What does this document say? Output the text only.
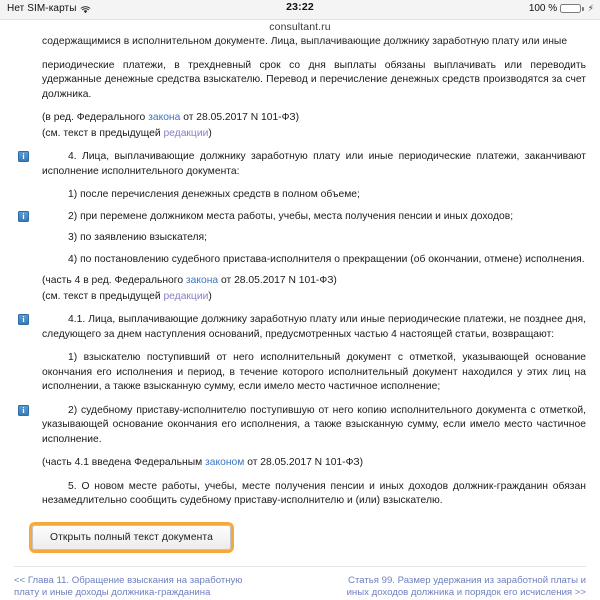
Нет SIM-карты	23:22	100 %	⚡
consultant.ru

содержащимися в исполнительном документе. Лица, выплачивающие должнику заработную плату или иные

периодические платежи, в трехдневный срок со дня выплаты обязаны выплачивать или переводить удержанные денежные средства взыскателю. Перевод и перечисление денежных средств производятся за счет должника.

(в ред. Федерального закона от 28.05.2017 N 101-ФЗ)
(см. текст в предыдущей редакции)

i	4. Лица, выплачивающие должнику заработную плату или иные периодические платежи, заканчивают исполнение исполнительного документа:

1) после перечисления денежных средств в полном объеме;

i	2) при перемене должником места работы, учебы, места получения пенсии и иных доходов;

3) по заявлению взыскателя;

4) по постановлению судебного пристава-исполнителя о прекращении (об окончании, отмене) исполнения.

(часть 4 в ред. Федерального закона от 28.05.2017 N 101-ФЗ)
(см. текст в предыдущей редакции)

i	4.1. Лица, выплачивающие должнику заработную плату или иные периодические платежи, не позднее дня, следующего за днем наступления оснований, предусмотренных частью 4 настоящей статьи, возвращают:

1) взыскателю поступивший от него исполнительный документ с отметкой, указывающей основание окончания его исполнения и период, в течение которого исполнительный документ находился у этих лиц на исполнении, а также взысканную сумму, если имело место частичное исполнение;

i	2) судебному приставу-исполнителю поступившую от него копию исполнительного документа с отметкой, указывающей основание окончания его исполнения, а также взысканную сумму, если имело место частичное исполнение.

(часть 4.1 введена Федеральным законом от 28.05.2017 N 101-ФЗ)

5. О новом месте работы, учебы, месте получения пенсии и иных доходов должник-гражданин обязан незамедлительно сообщить судебному приставу-исполнителю и (или) взыскателю.

Открыть полный текст документа
<< Глава 11. Обращение взыскания на заработную плату и иные доходы должника-гражданина
Статья 99. Размер удержания из заработной платы и иных доходов должника и порядок его исчисления >>
